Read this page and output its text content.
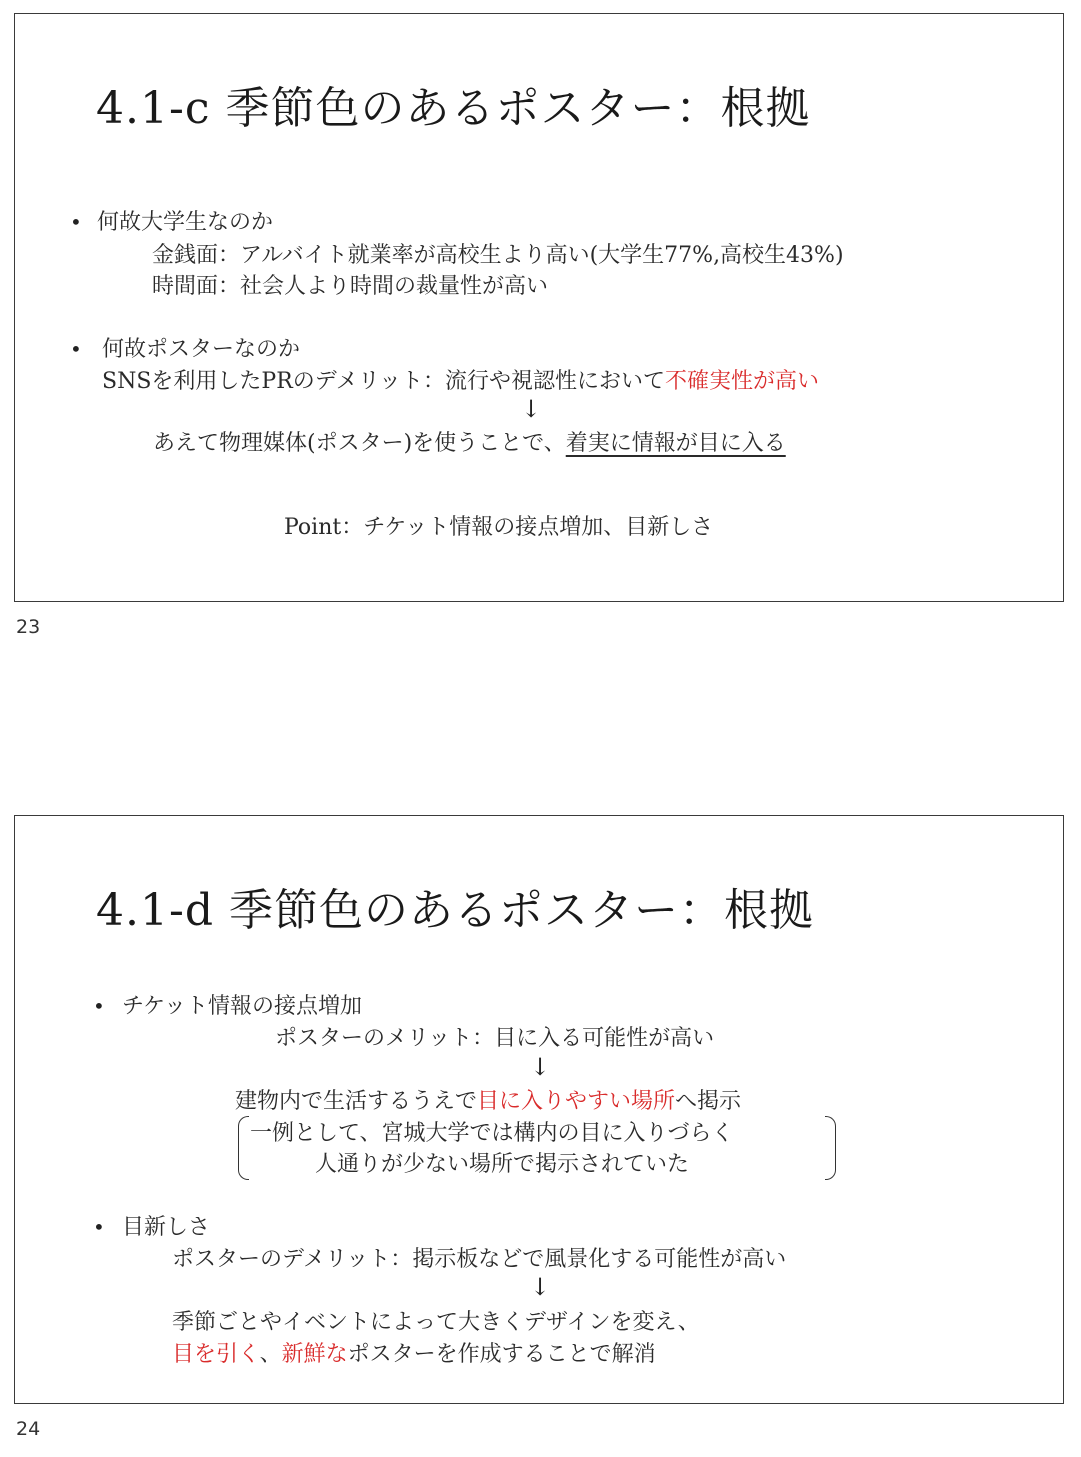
4.1-c 季節色のあるポスター：根拠
• 何故大学生なのか
金銭面：アルバイト就業率が高校生より高い(大学生77%,高校生43%)
時間面：社会人より時間の裁量性が高い
• 何故ポスターなのか
SNSを利用したPRのデメリット：流行や視認性において不確実性が高い
↓
あえて物理媒体(ポスター)を使うことで、着実に情報が目に入る
Point：チケット情報の接点増加、目新しさ
23
4.1-d 季節色のあるポスター：根拠
• チケット情報の接点増加
ポスターのメリット：目に入る可能性が高い
↓
建物内で生活するうえで目に入りやすい場所へ掲示
一例として、宮城大学では構内の目に入りづらく
人通りが少ない場所で掲示されていた
• 目新しさ
ポスターのデメリット：掲示板などで風景化する可能性が高い
↓
季節ごとやイベントによって大きくデザインを変え、
目を引く、新鮮なポスターを作成することで解消
24
